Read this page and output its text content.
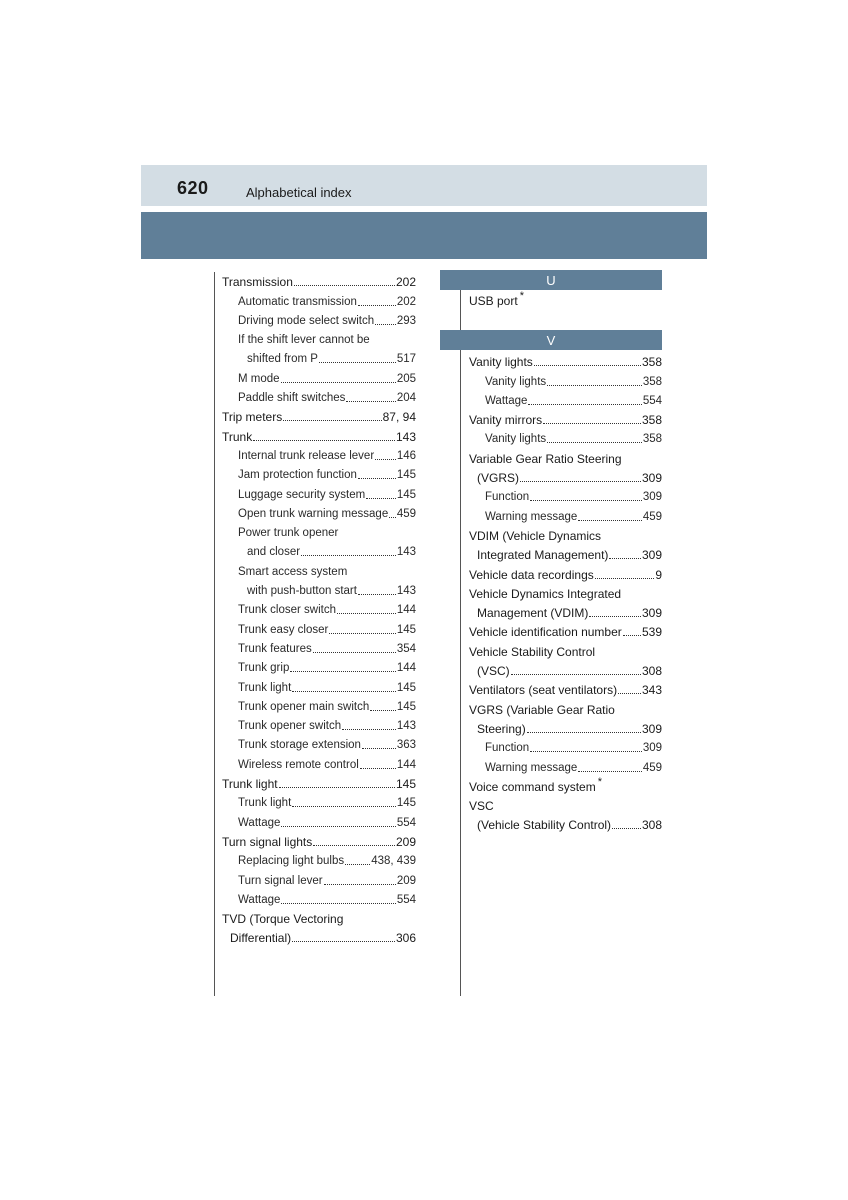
620	Alphabetical index
Transmission	202
Automatic transmission	202
Driving mode select switch 293
If the shift lever cannot be
shifted from P	517
M mode	205
Paddle shift switches	204
Trip meters	87, 94
Trunk	143
Internal trunk release lever 146
Jam protection function	145
Luggage security system	145
Open trunk warning message 459
Power trunk opener
and closer	143
Smart access system
with push-button start	143
Trunk closer switch	144
Trunk easy closer	145
Trunk features	354
Trunk grip	144
Trunk light	145
Trunk opener main switch 145
Trunk opener switch	143
Trunk storage extension	363
Wireless remote control	144
Trunk light	145
Trunk light	145
Wattage	554
Turn signal lights	209
Replacing light bulbs 438, 439
Turn signal lever	209
Wattage	554
TVD (Torque Vectoring
Differential)	306
U
USB port *
V
Vanity lights	358
Vanity lights	358
Wattage	554
Vanity mirrors	358
Vanity lights	358
Variable Gear Ratio Steering
(VGRS)	309
Function	309
Warning message	459
VDIM (Vehicle Dynamics
Integrated Management)	309
Vehicle data recordings	9
Vehicle Dynamics Integrated
Management (VDIM)	309
Vehicle identification number 539
Vehicle Stability Control
(VSC)	308
Ventilators (seat ventilators) 343
VGRS (Variable Gear Ratio
Steering)	309
Function	309
Warning message	459
Voice command system *
VSC
(Vehicle Stability Control)	308
